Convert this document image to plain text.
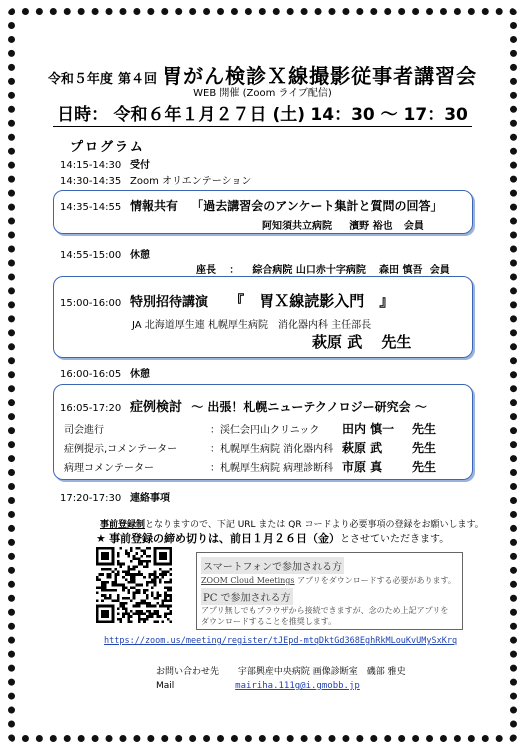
令和５年度 第４回 胃がん検診Ｘ線撮影従事者講習会
WEB 開催 (Zoom ライブ配信)
日時： 令和６年１月２７日 (土) 14：30 ～ 17：30
プログラム
14:15-14:30 受付
14:30-14:35 Zoom オリエンテーション
14:35-14:55 情報共有 「過去講習会のアンケート集計と質問の回答」
阿知須共立病院 濱野 裕也 会員
14:55-15:00 休憩
座長 ： 綜合病院 山口赤十字病院 森田 慎吾 会員
15:00-16:00 特別招待講演 『　胃Ｘ線読影入門　』
JA 北海道厚生連 札幌厚生病院　消化器内科 主任部長
萩原 武 先生
16:00-16:05 休憩
16:05-17:20 症例検討 ～ 出張！札幌ニューテクノロジー研究会 ～
司会進行	：渓仁会円山クリニック 田内 慎一 先生
症例提示,コメンテーター	：札幌厚生病院 消化器内科 萩原 武 先生
病理コメンテーター	：札幌厚生病院 病理診断科 市原 真 先生
17:20-17:30 連絡事項
事前登録制となりますので、下記 URL または QR コードより必要事項の登録をお願いします。
★ 事前登録の締め切りは、前日１月２６日（金）とさせていただきます。
スマートフォンで参加される方
ZOOM Cloud Meetings アプリをダウンロードする必要があります。
PC で参加される方
アプリ無しでもブラウザから接続できますが、念のため上記アプリを
ダウンロードすることを推奨します。
https://zoom.us/meeting/register/tJEpd-mtqDktGd368EghRkMLouKvUMySxKrq
お問い合わせ先 宇部興産中央病院 画像診断室　磯部 雅史
Mail	mairiha.111g@i.gmobb.jp
